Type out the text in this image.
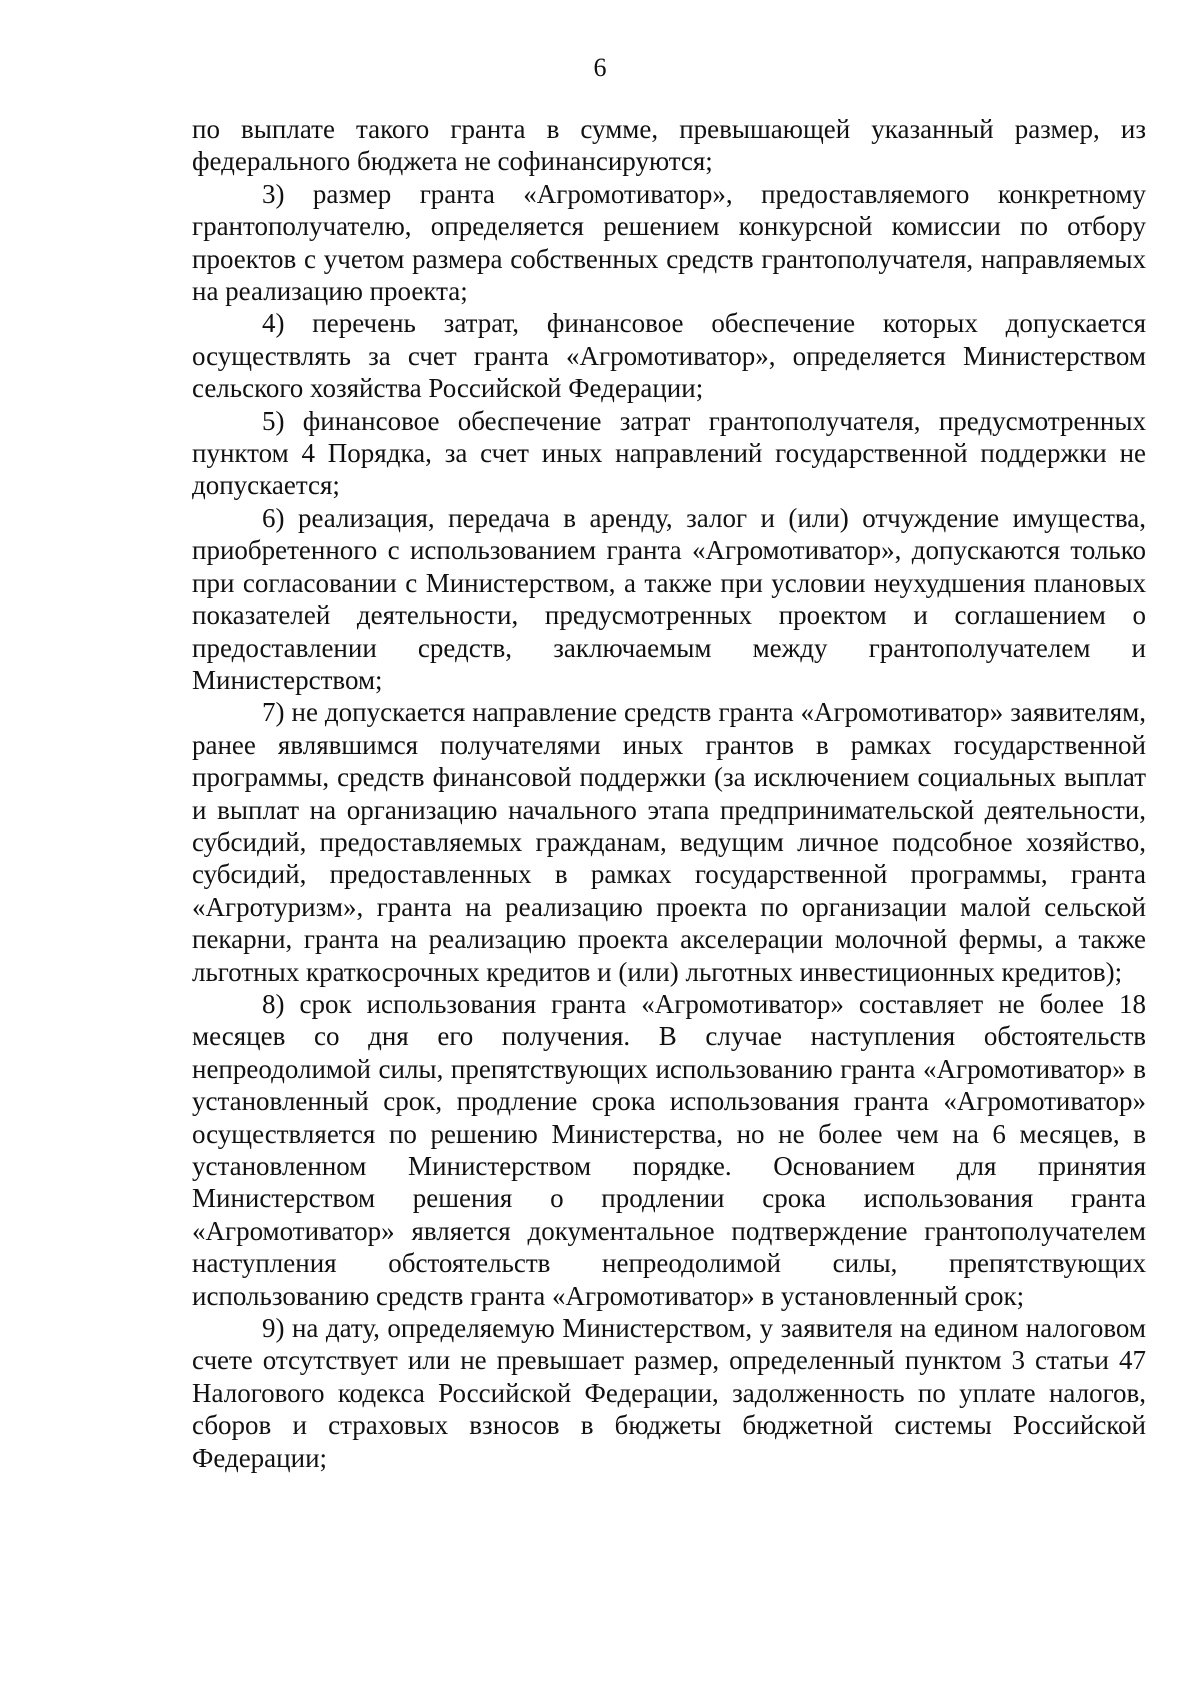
6

по выплате такого гранта в сумме, превышающей указанный размер, из федерального бюджета не софинансируются;

3) размер гранта «Агромотиватор», предоставляемого конкретному грантополучателю, определяется решением конкурсной комиссии по отбору проектов с учетом размера собственных средств грантополучателя, направляемых на реализацию проекта;

4) перечень затрат, финансовое обеспечение которых допускается осуществлять за счет гранта «Агромотиватор», определяется Министерством сельского хозяйства Российской Федерации;

5) финансовое обеспечение затрат грантополучателя, предусмотренных пунктом 4 Порядка, за счет иных направлений государственной поддержки не допускается;

6) реализация, передача в аренду, залог и (или) отчуждение имущества, приобретенного с использованием гранта «Агромотиватор», допускаются только при согласовании с Министерством, а также при условии неухудшения плановых показателей деятельности, предусмотренных проектом и соглашением о предоставлении средств, заключаемым между грантополучателем и Министерством;

7) не допускается направление средств гранта «Агромотиватор» заявителям, ранее являвшимся получателями иных грантов в рамках государственной программы, средств финансовой поддержки (за исключением социальных выплат и выплат на организацию начального этапа предпринимательской деятельности, субсидий, предоставляемых гражданам, ведущим личное подсобное хозяйство, субсидий, предоставленных в рамках государственной программы, гранта «Агротуризм», гранта на реализацию проекта по организации малой сельской пекарни, гранта на реализацию проекта акселерации молочной фермы, а также льготных краткосрочных кредитов и (или) льготных инвестиционных кредитов);

8) срок использования гранта «Агромотиватор» составляет не более 18 месяцев со дня его получения. В случае наступления обстоятельств непреодолимой силы, препятствующих использованию гранта «Агромотиватор» в установленный срок, продление срока использования гранта «Агромотиватор» осуществляется по решению Министерства, но не более чем на 6 месяцев, в установленном Министерством порядке. Основанием для принятия Министерством решения о продлении срока использования гранта «Агромотиватор» является документальное подтверждение грантополучателем наступления обстоятельств непреодолимой силы, препятствующих использованию средств гранта «Агромотиватор» в установленный срок;

9) на дату, определяемую Министерством, у заявителя на едином налоговом счете отсутствует или не превышает размер, определенный пунктом 3 статьи 47 Налогового кодекса Российской Федерации, задолженность по уплате налогов, сборов и страховых взносов в бюджеты бюджетной системы Российской Федерации;
